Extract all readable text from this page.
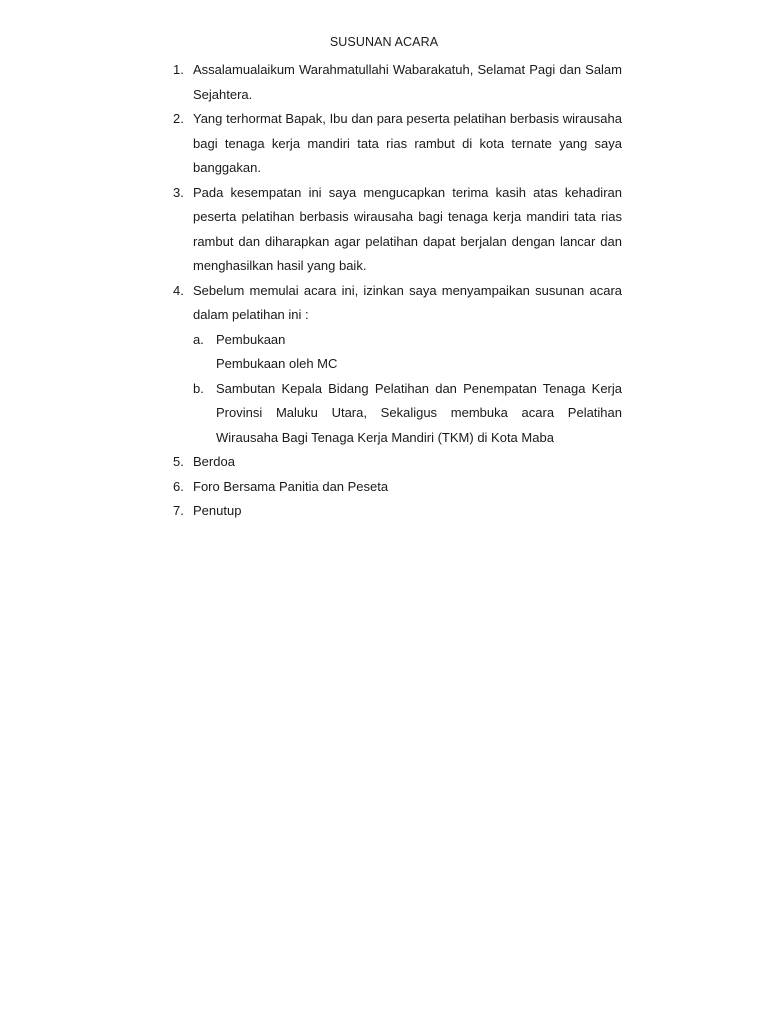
SUSUNAN ACARA
1. Assalamualaikum Warahmatullahi Wabarakatuh, Selamat Pagi dan Salam Sejahtera.
2. Yang terhormat Bapak, Ibu dan para peserta pelatihan berbasis wirausaha bagi tenaga kerja mandiri tata rias rambut di kota ternate yang saya banggakan.
3. Pada kesempatan ini saya mengucapkan terima kasih atas kehadiran peserta pelatihan berbasis wirausaha bagi tenaga kerja mandiri tata rias rambut dan diharapkan agar pelatihan dapat berjalan dengan lancar dan menghasilkan hasil yang baik.
4. Sebelum memulai acara ini, izinkan saya menyampaikan susunan acara dalam pelatihan ini :
a. Pembukaan
Pembukaan oleh MC
b. Sambutan Kepala Bidang Pelatihan dan Penempatan Tenaga Kerja Provinsi Maluku Utara, Sekaligus membuka acara Pelatihan Wirausaha Bagi Tenaga Kerja Mandiri (TKM) di Kota Maba
5. Berdoa
6. Foro Bersama Panitia dan Peseta
7. Penutup
